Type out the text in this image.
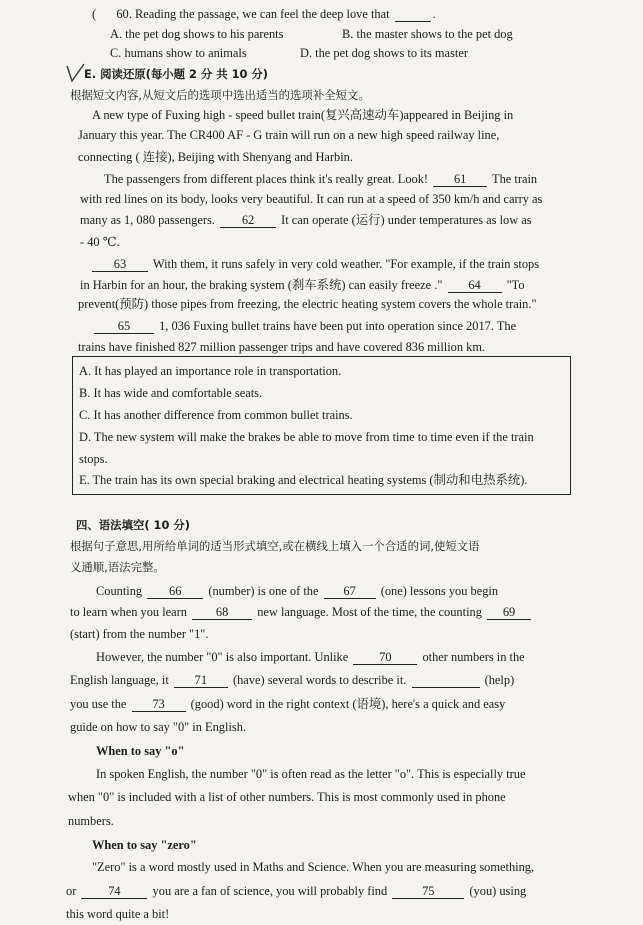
( 60. Reading the passage, we can feel the deep love that	.
A. the pet dog shows to his parents	B. the master shows to the pet dog
C. humans show to animals	D. the pet dog shows to its master
E. 阅读还原(每小题 2 分 共 10 分)
根据短文内容,从短文后的选项中选出适当的选项补全短文。
A new type of Fuxing high - speed bullet train(复兴高速动车)appeared in Beijing in
January this year. The CR400 AF - G train will run on a new high speed railway line,
connecting ( 连接), Beijing with Shenyang and Harbin.
The passengers from different places think it's really great. Look! 61 The train
with red lines on its body, looks very beautiful. It can run at a speed of 350 km/h and carry as
many as 1, 080 passengers. 62 It can operate (运行) under temperatures as low as
- 40 ℃.
63 With them, it runs safely in very cold weather. "For example, if the train stops
in Harbin for an hour, the braking system (刹车系统) can easily freeze ." 64 "To
prevent(预防) those pipes from freezing, the electric heating system covers the whole train."
65 1, 036 Fuxing bullet trains have been put into operation since 2017. The
trains have finished 827 million passenger trips and have covered 836 million km.
A. It has played an importance role in transportation.
B. It has wide and comfortable seats.
C. It has another difference from common bullet trains.
D. The new system will make the brakes be able to move from time to time even if the train
stops.
E. The train has its own special braking and electrical heating systems (制动和电热系统).
四、语法填空( 10 分)
根据句子意思,用所给单词的适当形式填空,或在横线上填入一个合适的词,使短文语
义通顺,语法完整。
Counting 66 (number) is one of the 67 (one) lessons you begin
to learn when you learn 68 new language. Most of the time, the counting 69
(start) from the number "1".
However, the number "0" is also important. Unlike 70 other numbers in the
English language, it 71 (have) several words to describe it.	(help)
you use the 73 (good) word in the right context (语境), here's a quick and easy
guide on how to say "0" in English.
When to say "o"
In spoken English, the number "0" is often read as the letter "o". This is especially true
when "0" is included with a list of other numbers. This is most commonly used in phone
numbers.
When to say "zero"
"Zero" is a word mostly used in Maths and Science. When you are measuring something,
or	74	you are a fan of science, you will probably find	75	(you) using
this word quite a bit!
